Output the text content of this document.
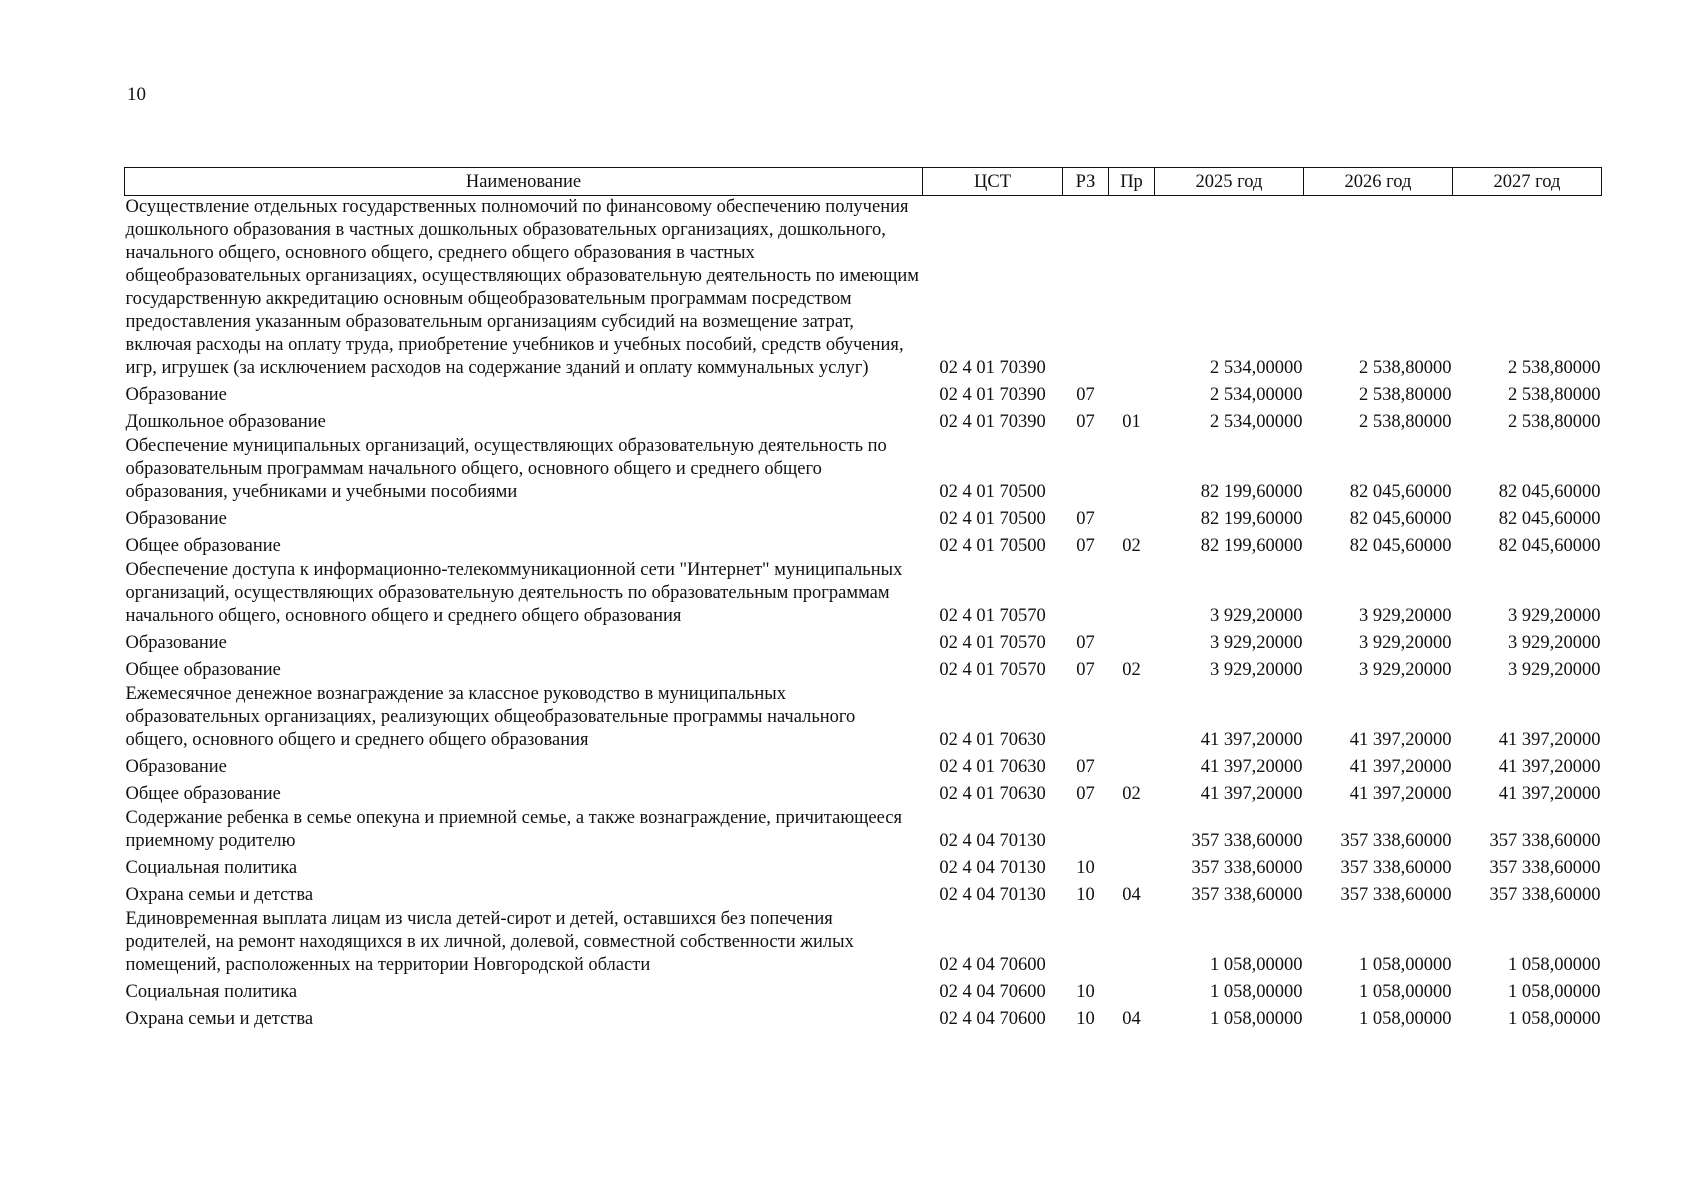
10
Наименование	ЦСТ	РЗ	Пр	2025 год	2026 год	2027 год
Осуществление отдельных государственных полномочий по финансовому обеспечению получения дошкольного образования в частных дошкольных образовательных организациях, дошкольного, начального общего, основного общего, среднего общего образования в частных общеобразовательных организациях, осуществляющих образовательную деятельность по имеющим государственную аккредитацию основным общеобразовательным программам посредством предоставления указанным образовательным организациям субсидий на возмещение затрат, включая расходы на оплату труда, приобретение учебников и учебных пособий, средств обучения, игр, игрушек (за исключением расходов на содержание зданий и оплату коммунальных услуг)	02 4 01 70390			2 534,00000	2 538,80000	2 538,80000
Образование	02 4 01 70390	07		2 534,00000	2 538,80000	2 538,80000
Дошкольное образование	02 4 01 70390	07	01	2 534,00000	2 538,80000	2 538,80000
Обеспечение муниципальных организаций, осуществляющих образовательную деятельность по образовательным программам начального общего, основного общего и среднего общего образования, учебниками и учебными пособиями	02 4 01 70500			82 199,60000	82 045,60000	82 045,60000
Образование	02 4 01 70500	07		82 199,60000	82 045,60000	82 045,60000
Общее образование	02 4 01 70500	07	02	82 199,60000	82 045,60000	82 045,60000
Обеспечение доступа к информационно-телекоммуникационной сети "Интернет" муниципальных организаций, осуществляющих образовательную деятельность по образовательным программам начального общего, основного общего и среднего общего образования	02 4 01 70570			3 929,20000	3 929,20000	3 929,20000
Образование	02 4 01 70570	07		3 929,20000	3 929,20000	3 929,20000
Общее образование	02 4 01 70570	07	02	3 929,20000	3 929,20000	3 929,20000
Ежемесячное денежное вознаграждение за классное руководство в муниципальных образовательных организациях, реализующих общеобразовательные программы начального общего, основного общего и среднего общего образования	02 4 01 70630			41 397,20000	41 397,20000	41 397,20000
Образование	02 4 01 70630	07		41 397,20000	41 397,20000	41 397,20000
Общее образование	02 4 01 70630	07	02	41 397,20000	41 397,20000	41 397,20000
Содержание ребенка в семье опекуна и приемной семье, а также вознаграждение, причитающееся приемному родителю	02 4 04 70130			357 338,60000	357 338,60000	357 338,60000
Социальная политика	02 4 04 70130	10		357 338,60000	357 338,60000	357 338,60000
Охрана семьи и детства	02 4 04 70130	10	04	357 338,60000	357 338,60000	357 338,60000
Единовременная выплата лицам из числа детей-сирот и детей, оставшихся без попечения родителей, на ремонт находящихся в их личной, долевой, совместной собственности жилых помещений, расположенных на территории Новгородской области	02 4 04 70600			1 058,00000	1 058,00000	1 058,00000
Социальная политика	02 4 04 70600	10		1 058,00000	1 058,00000	1 058,00000
Охрана семьи и детства	02 4 04 70600	10	04	1 058,00000	1 058,00000	1 058,00000
